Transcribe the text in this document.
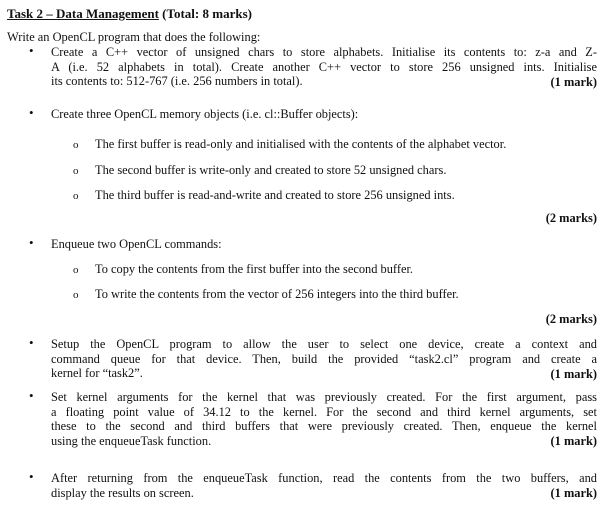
Task 2 – Data Management (Total: 8 marks)
Write an OpenCL program that does the following:
• Create a C++ vector of unsigned chars to store alphabets. Initialise its contents to: z-a and Z-
A (i.e. 52 alphabets in total). Create another C++ vector to store 256 unsigned ints. Initialise
its contents to: 512-767 (i.e. 256 numbers in total).	(1 mark)
• Create three OpenCL memory objects (i.e. cl::Buffer objects):
o The first buffer is read-only and initialised with the contents of the alphabet vector.
o The second buffer is write-only and created to store 52 unsigned chars.
o The third buffer is read-and-write and created to store 256 unsigned ints.
(2 marks)
• Enqueue two OpenCL commands:
o To copy the contents from the first buffer into the second buffer.
o To write the contents from the vector of 256 integers into the third buffer.
(2 marks)
• Setup the OpenCL program to allow the user to select one device, create a context and
command queue for that device. Then, build the provided “task2.cl” program and create a
kernel for “task2”.	(1 mark)
• Set kernel arguments for the kernel that was previously created. For the first argument, pass
a floating point value of 34.12 to the kernel. For the second and third kernel arguments, set
these to the second and third buffers that were previously created. Then, enqueue the kernel
using the enqueueTask function.	(1 mark)
• After returning from the enqueueTask function, read the contents from the two buffers, and
display the results on screen.	(1 mark)
